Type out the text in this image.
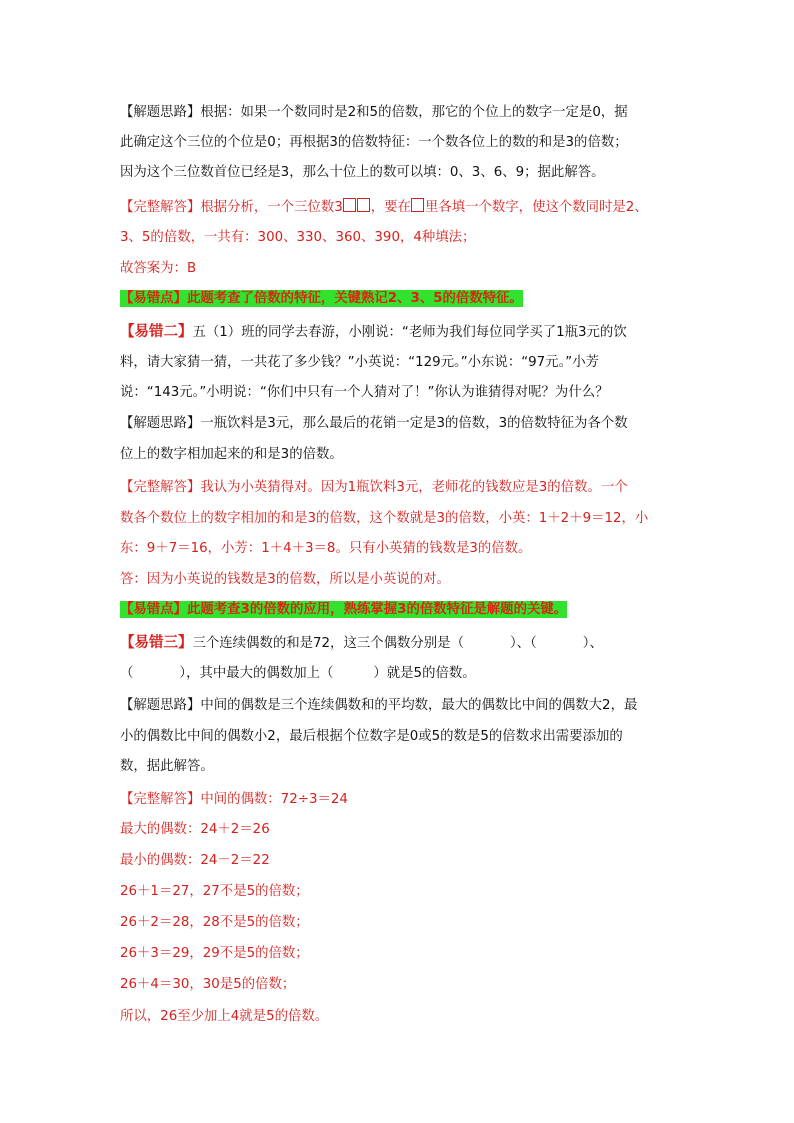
【解题思路】根据：如果一个数同时是2和5的倍数，那它的个位上的数字一定是0，据
此确定这个三位的个位是0；再根据3的倍数特征：一个数各位上的数的和是3的倍数；
因为这个三位数首位已经是3，那么十位上的数可以填：0、3、6、9；据此解答。
【完整解答】根据分析，一个三位数3 ，要在 里各填一个数字，使这个数同时是2、
3、5的倍数，一共有：300、330、360、390，4种填法；
故答案为：B
【易错点】此题考查了倍数的特征，关键熟记2、3、5的倍数特征。
【易错二】五（1）班的同学去春游，小刚说：“老师为我们每位同学买了1瓶3元的饮
料，请大家猜一猜，一共花了多少钱？”小英说：“129元。”小东说：“97元。”小芳
说：“143元。”小明说：“你们中只有一个人猜对了！”你认为谁猜得对呢？为什么？
【解题思路】一瓶饮料是3元，那么最后的花销一定是3的倍数，3的倍数特征为各个数
位上的数字相加起来的和是3的倍数。
【完整解答】我认为小英猜得对。因为1瓶饮料3元，老师花的钱数应是3的倍数。一个
数各个数位上的数字相加的和是3的倍数，这个数就是3的倍数，小英：1＋2＋9＝12，小
东：9＋7＝16，小芳：1＋4＋3＝8。只有小英猜的钱数是3的倍数。
答：因为小英说的钱数是3的倍数，所以是小英说的对。
【易错点】此题考查3的倍数的应用，熟练掌握3的倍数特征是解题的关键。
【易错三】三个连续偶数的和是72，这三个偶数分别是（	）、（	）、
（	），其中最大的偶数加上（	）就是5的倍数。
【解题思路】中间的偶数是三个连续偶数和的平均数，最大的偶数比中间的偶数大2，最
小的偶数比中间的偶数小2，最后根据个位数字是0或5的数是5的倍数求出需要添加的
数，据此解答。
【完整解答】中间的偶数：72÷3＝24
最大的偶数：24＋2＝26
最小的偶数：24－2＝22
26＋1＝27，27不是5的倍数；
26＋2＝28，28不是5的倍数；
26＋3＝29，29不是5的倍数；
26＋4＝30，30是5的倍数；
所以，26至少加上4就是5的倍数。
